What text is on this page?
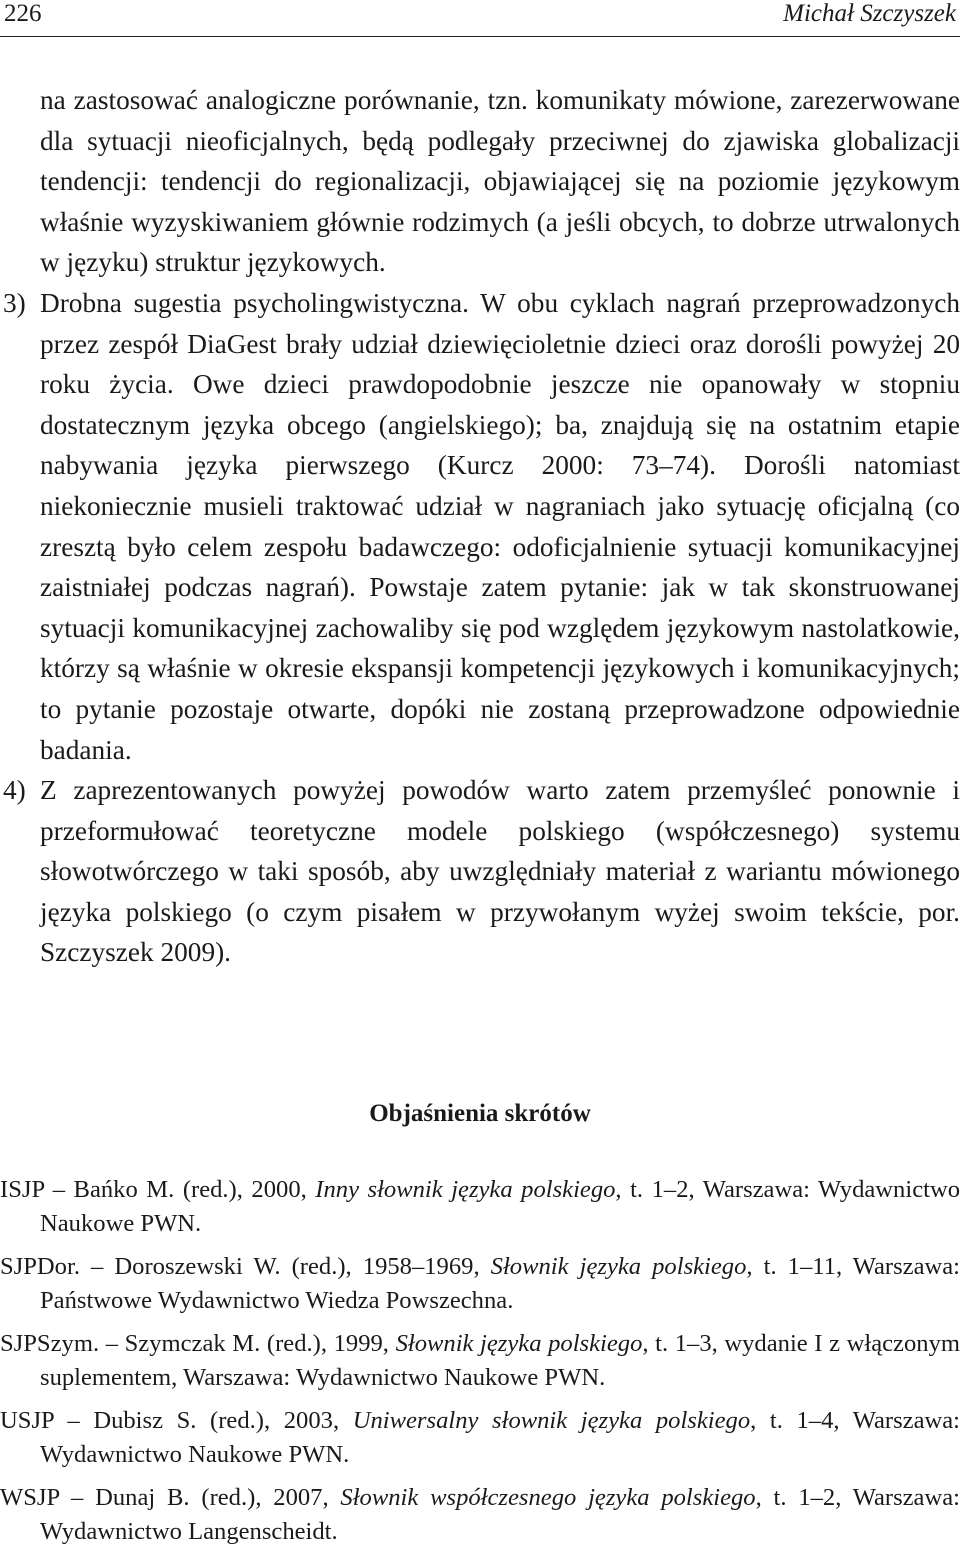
226	Michał Szczyszek

na zastosować analogiczne porównanie, tzn. komunikaty mówione, zarezerwowane dla sytuacji nieoficjalnych, będą podlegały przeciwnej do zjawiska globalizacji tendencji: tendencji do regionalizacji, objawiającej się na poziomie językowym właśnie wyzyskiwaniem głównie rodzimych (a jeśli obcych, to dobrze utrwalonych w języku) struktur językowych.

3) Drobna sugestia psycholingwistyczna. W obu cyklach nagrań przeprowadzonych przez zespół DiaGest brały udział dziewięcioletnie dzieci oraz dorośli powyżej 20 roku życia. Owe dzieci prawdopodobnie jeszcze nie opanowały w stopniu dostatecznym języka obcego (angielskiego); ba, znajdują się na ostatnim etapie nabywania języka pierwszego (Kurcz 2000: 73–74). Dorośli natomiast niekoniecznie musieli traktować udział w nagraniach jako sytuację oficjalną (co zresztą było celem zespołu badawczego: odoficjalnienie sytuacji komunikacyjnej zaistniałej podczas nagrań). Powstaje zatem pytanie: jak w tak skonstruowanej sytuacji komunikacyjnej zachowaliby się pod względem językowym nastolatkowie, którzy są właśnie w okresie ekspansji kompetencji językowych i komunikacyjnych; to pytanie pozostaje otwarte, dopóki nie zostaną przeprowadzone odpowiednie badania.
4) Z zaprezentowanych powyżej powodów warto zatem przemyśleć ponownie i przeformułować teoretyczne modele polskiego (współczesnego) systemu słowotwórczego w taki sposób, aby uwzględniały materiał z wariantu mówionego języka polskiego (o czym pisałem w przywołanym wyżej swoim tekście, por. Szczyszek 2009).
Objaśnienia skrótów

ISJP – Bańko M. (red.), 2000, Inny słownik języka polskiego, t. 1–2, Warszawa: Wydawnictwo Naukowe PWN.

SJPDor. – Doroszewski W. (red.), 1958–1969, Słownik języka polskiego, t. 1–11, Warszawa: Państwowe Wydawnictwo Wiedza Powszechna.

SJPSzym. – Szymczak M. (red.), 1999, Słownik języka polskiego, t. 1–3, wydanie I z włączonym suplementem, Warszawa: Wydawnictwo Naukowe PWN.

USJP – Dubisz S. (red.), 2003, Uniwersalny słownik języka polskiego, t. 1–4, Warszawa: Wydawnictwo Naukowe PWN.

WSJP – Dunaj B. (red.), 2007, Słownik współczesnego języka polskiego, t. 1–2, Warszawa: Wydawnictwo Langenscheidt.
